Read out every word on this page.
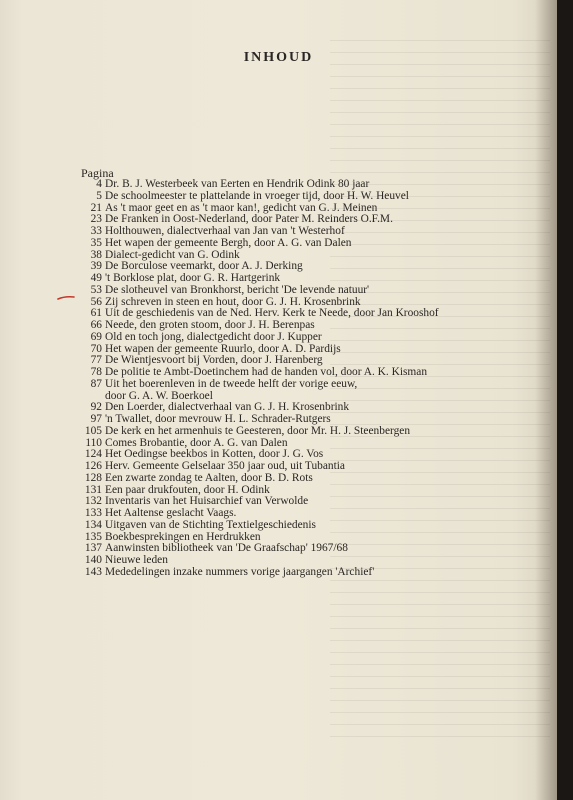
INHOUD
Pagina
4 Dr. B. J. Westerbeek van Eerten en Hendrik Odink 80 jaar
5 De schoolmeester te plattelande in vroeger tijd, door H. W. Heuvel
21 As 't maor geet en as 't maor kan!, gedicht van G. J. Meinen
23 De Franken in Oost-Nederland, door Pater M. Reinders O.F.M.
33 Holthouwen, dialectverhaal van Jan van 't Westerhof
35 Het wapen der gemeente Bergh, door A. G. van Dalen
38 Dialect-gedicht van G. Odink
39 De Borculose veemarkt, door A. J. Derking
49 't Borklose plat, door G. R. Hartgerink
53 De slotheuvel van Bronkhorst, bericht 'De levende natuur'
56 Zij schreven in steen en hout, door G. J. H. Krosenbrink
61 Uit de geschiedenis van de Ned. Herv. Kerk te Neede, door Jan Krooshof
66 Neede, den groten stoom, door J. H. Berenpas
69 Old en toch jong, dialectgedicht door J. Kupper
70 Het wapen der gemeente Ruurlo, door A. D. Pardijs
77 De Wientjesvoort bij Vorden, door J. Harenberg
78 De politie te Ambt-Doetinchem had de handen vol, door A. K. Kisman
87 Uit het boerenleven in de tweede helft der vorige eeuw,
door G. A. W. Boerkoel
92 Den Loerder, dialectverhaal van G. J. H. Krosenbrink
97 'n Twallet, door mevrouw H. L. Schrader-Rutgers
105 De kerk en het armenhuis te Geesteren, door Mr. H. J. Steenbergen
110 Comes Brobantie, door A. G. van Dalen
124 Het Oedingse beekbos in Kotten, door J. G. Vos
126 Herv. Gemeente Gelselaar 350 jaar oud, uit Tubantia
128 Een zwarte zondag te Aalten, door B. D. Rots
131 Een paar drukfouten, door H. Odink
132 Inventaris van het Huisarchief van Verwolde
133 Het Aaltense geslacht Vaags.
134 Uitgaven van de Stichting Textielgeschiedenis
135 Boekbesprekingen en Herdrukken
137 Aanwinsten bibliotheek van 'De Graafschap' 1967/68
140 Nieuwe leden
143 Mededelingen inzake nummers vorige jaargangen 'Archief'
